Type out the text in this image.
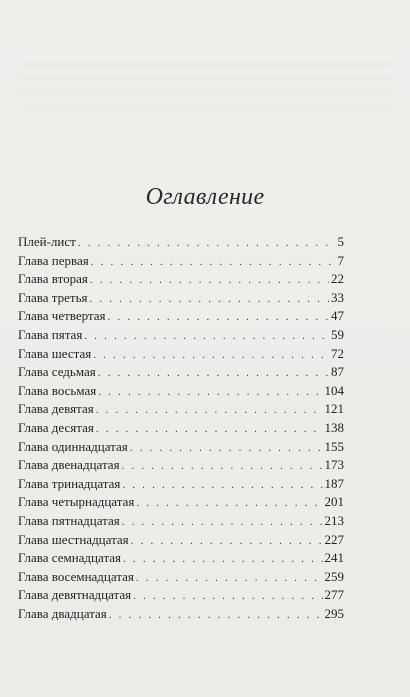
Оглавление
Плей-лист . . .	5
Глава первая . . .	7
Глава вторая . . .	22
Глава третья . . .	33
Глава четвертая . . .	47
Глава пятая . . .	59
Глава шестая . . .	72
Глава седьмая . . .	87
Глава восьмая . . .	104
Глава девятая . . .	121
Глава десятая . . .	138
Глава одиннадцатая . . .	155
Глава двенадцатая . . .	173
Глава тринадцатая . . .	187
Глава четырнадцатая . . .	201
Глава пятнадцатая . . .	213
Глава шестнадцатая . . .	227
Глава семнадцатая . . .	241
Глава восемнадцатая . . .	259
Глава девятнадцатая . . .	277
Глава двадцатая . . .	295
